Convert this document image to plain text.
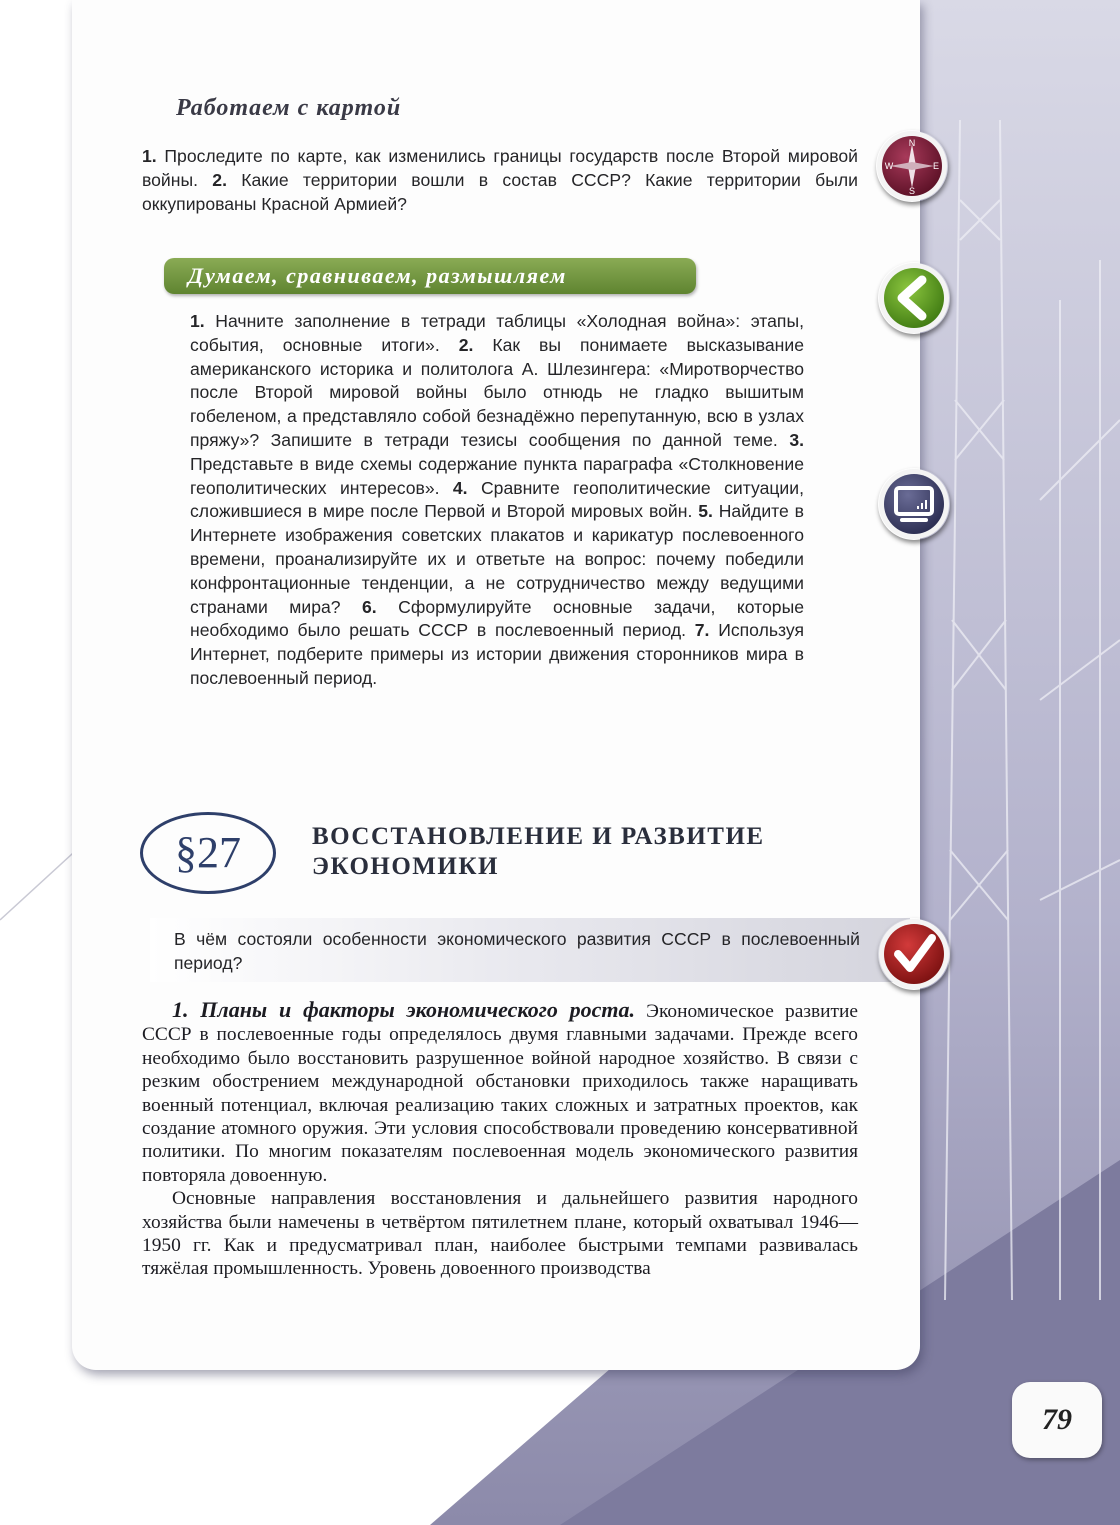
Работаем с картой
1. Проследите по карте, как изменились границы государств после Второй мировой войны. 2. Какие территории вошли в состав СССР? Какие территории были оккупированы Красной Армией?
Думаем, сравниваем, размышляем
1. Начните заполнение в тетради таблицы «Холодная война»: этапы, события, основные итоги». 2. Как вы понимаете высказывание американского историка и политолога А. Шлезингера: «Миротворчество после Второй мировой войны было отнюдь не гладко вышитым гобеленом, а представляло собой безнадёжно перепутанную, всю в узлах пряжу»? Запишите в тетради тезисы сообщения по данной теме. 3. Представьте в виде схемы содержание пункта параграфа «Столкновение геополитических интересов». 4. Сравните геополитические ситуации, сложившиеся в мире после Первой и Второй мировых войн. 5. Найдите в Интернете изображения советских плакатов и карикатур послевоенного времени, проанализируйте их и ответьте на вопрос: почему победили конфронтационные тенденции, а не сотрудничество между ведущими странами мира? 6. Сформулируйте основные задачи, которые необходимо было решать СССР в послевоенный период. 7. Используя Интернет, подберите примеры из истории движения сторонников мира в послевоенный период.
§27	ВОССТАНОВЛЕНИЕ И РАЗВИТИЕ
ЭКОНОМИКИ
В чём состояли особенности экономического развития СССР в послевоенный период?

1. Планы и факторы экономического роста. Экономическое развитие СССР в послевоенные годы определялось двумя главными задачами. Прежде всего необходимо было восстановить разрушенное войной народное хозяйство. В связи с резким обострением международной обстановки приходилось также наращивать военный потенциал, включая реализацию таких сложных и затратных проектов, как создание атомного оружия. Эти условия способствовали проведению консервативной политики. По многим показателям послевоенная модель экономического развития повторяла довоенную.

Основные направления восстановления и дальнейшего развития народного хозяйства были намечены в четвёртом пятилетнем плане, который охватывал 1946—1950 гг. Как и предусматривал план, наиболее быстрыми темпами развивалась тяжёлая промышленность. Уровень довоенного производства

N
S
W	E
79
